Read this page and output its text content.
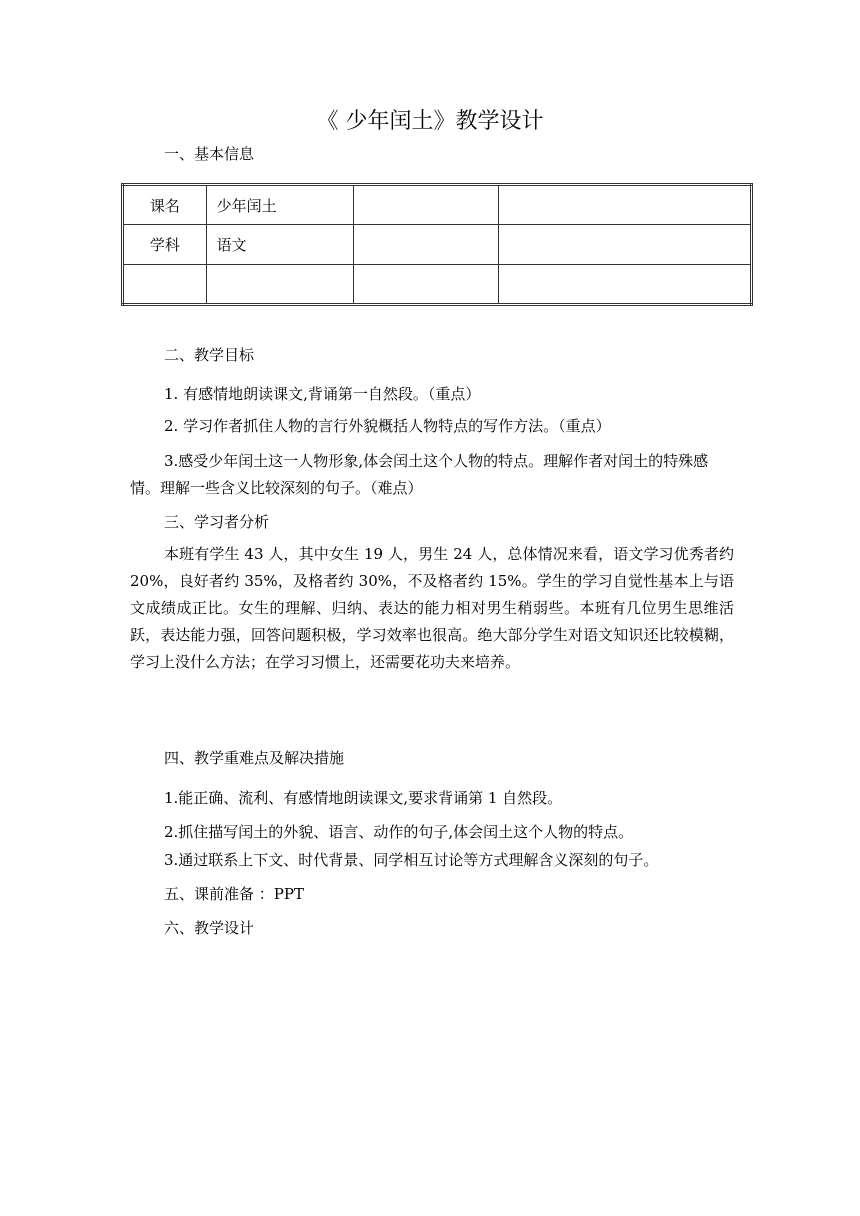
《 少年闰土》教学设计
一、基本信息
课名	少年闰土		
学科	语文		

二、教学目标
1. 有感情地朗读课文,背诵第一自然段。（重点）
2. 学习作者抓住人物的言行外貌概括人物特点的写作方法。（重点）
3.感受少年闰土这一人物形象,体会闰土这个人物的特点。理解作者对闰土的特殊感情。理解一些含义比较深刻的句子。（难点）
三、学习者分析
本班有学生 43 人，其中女生 19 人，男生 24 人，总体情况来看，语文学习优秀者约 20%，良好者约 35%，及格者约 30%，不及格者约 15%。学生的学习自觉性基本上与语文成绩成正比。女生的理解、归纳、表达的能力相对男生稍弱些。本班有几位男生思维活跃，表达能力强，回答问题积极，学习效率也很高。绝大部分学生对语文知识还比较模糊，学习上没什么方法；在学习习惯上，还需要花功夫来培养。
四、教学重难点及解决措施
1.能正确、流利、有感情地朗读课文,要求背诵第 1 自然段。
2.抓住描写闰土的外貌、语言、动作的句子,体会闰土这个人物的特点。
3.通过联系上下文、时代背景、同学相互讨论等方式理解含义深刻的句子。
五、课前准备 ：PPT
六、教学设计
